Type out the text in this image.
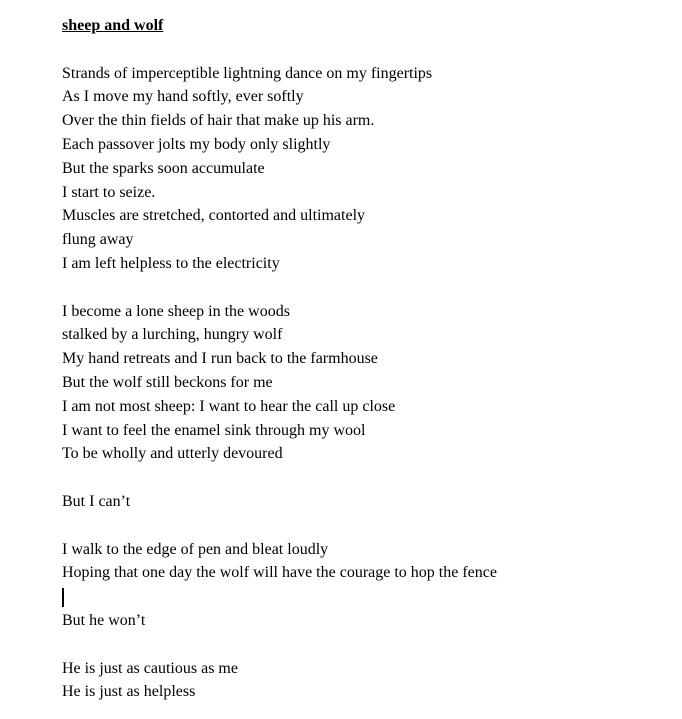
sheep and wolf
Strands of imperceptible lightning dance on my fingertips
As I move my hand softly, ever softly
Over the thin fields of hair that make up his arm.
Each passover jolts my body only slightly
But the sparks soon accumulate
I start to seize.
Muscles are stretched, contorted and ultimately
flung away
I am left helpless to the electricity
I become a lone sheep in the woods
stalked by a lurching, hungry wolf
My hand retreats and I run back to the farmhouse
But the wolf still beckons for me
I am not most sheep: I want to hear the call up close
I want to feel the enamel sink through my wool
To be wholly and utterly devoured
But I can’t
I walk to the edge of pen and bleat loudly
Hoping that one day the wolf will have the courage to hop the fence
But he won’t
He is just as cautious as me
He is just as helpless
